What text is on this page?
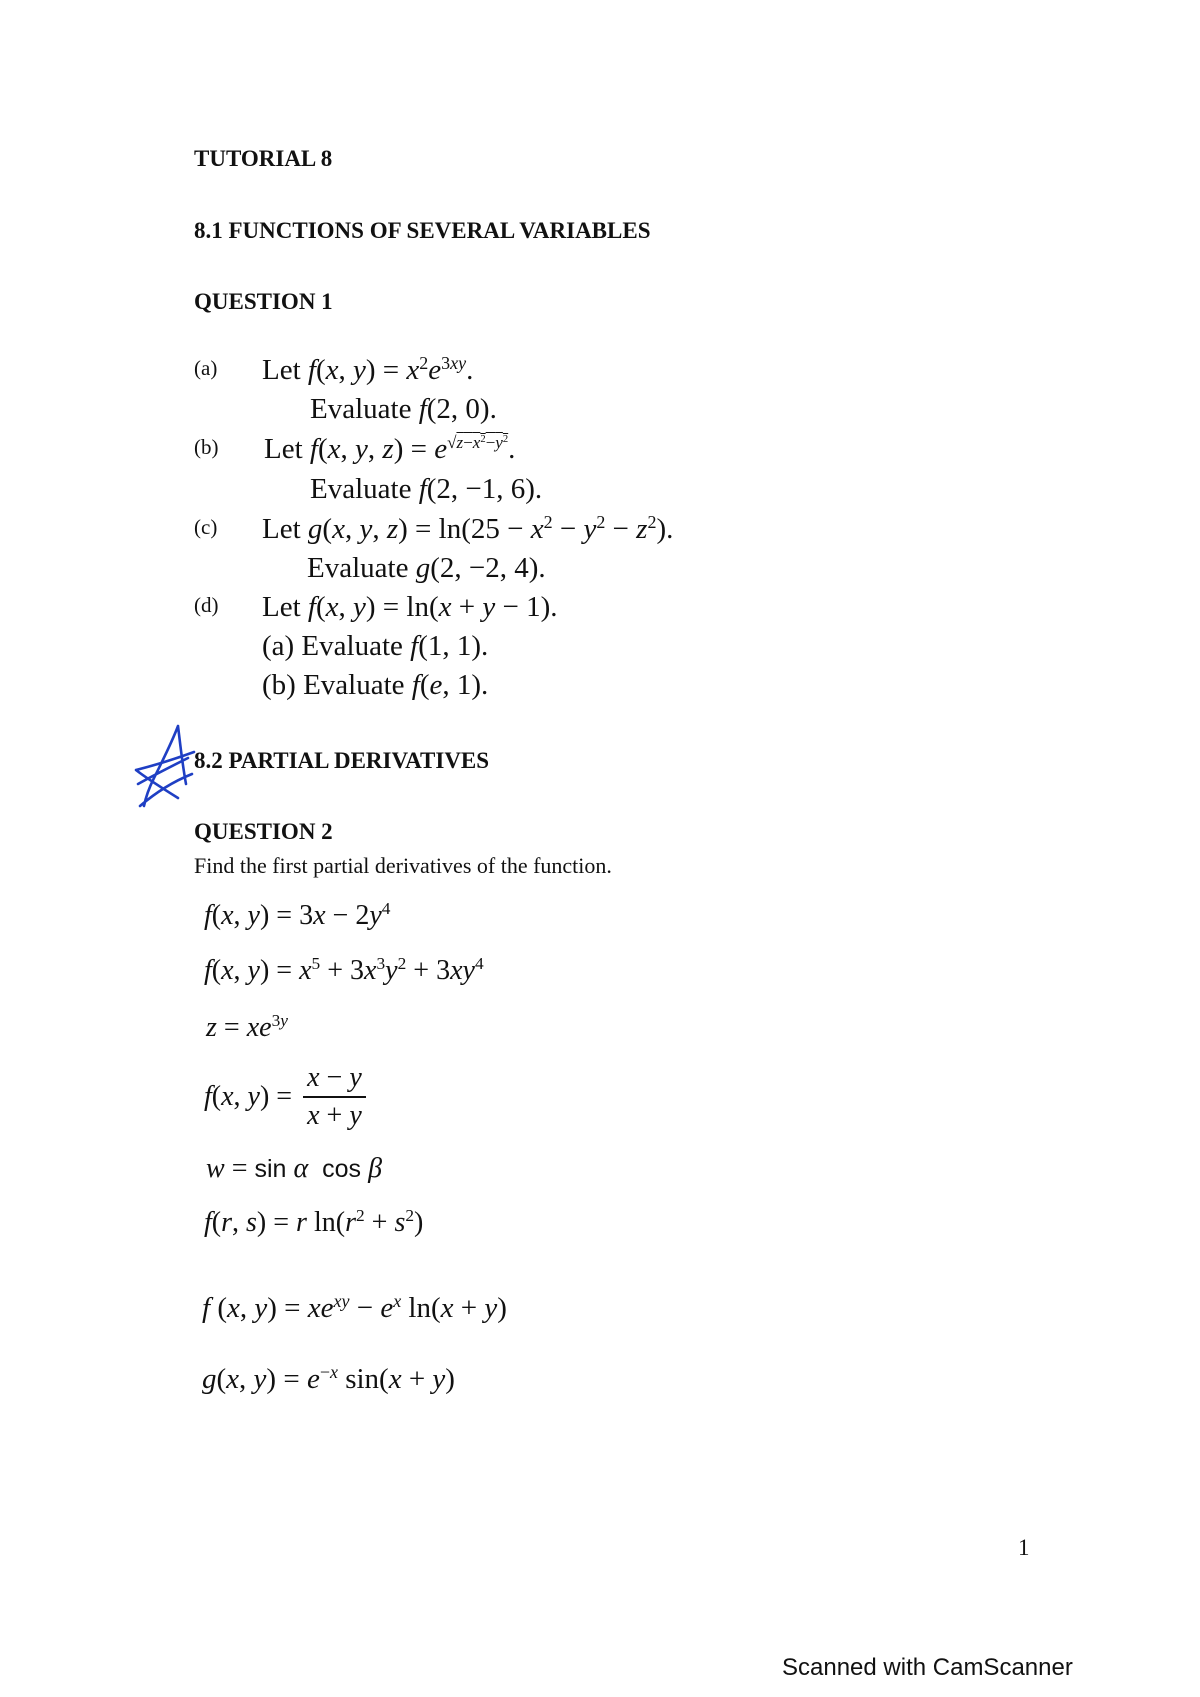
TUTORIAL 8
8.1 FUNCTIONS OF SEVERAL VARIABLES
QUESTION 1
(a) Let f(x, $y) = x^2e^{3xy}$.
Evaluate f(2, 0).
(b) Let f(x, y, $z) = e^{√z-x^2-y^2}$.
Evaluate f(2, −1, 6).
(c) Let g(x, y, $z) = \ln(25 - x^2 - y^2 - z^2)$.
Evaluate g(2, −2, 4).
(d) Let f(x, y) = ln(x + y − 1).
(a) Evaluate f(1, 1).
(b) Evaluate f(e, 1).
8.2 PARTIAL DERIVATIVES
QUESTION 2
Find the first partial derivatives of the function.
f(x, $y) = 3x - 2y^4$
f(x, $y) = x^5 + 3x^3y^2 + 3xy^4$
$z = xe^{3y}$
f(x, $y) = \frac{x - y}{x + y}$
w = sin α cos β
f(r, s) = r $\ln(r^2 + s^2)$
f (x, $y) = xe^{xy} - e^x$ ln(x + y)
g(x, $y) = e^{-x}$ sin(x + y)
1
Scanned with CamScanner
